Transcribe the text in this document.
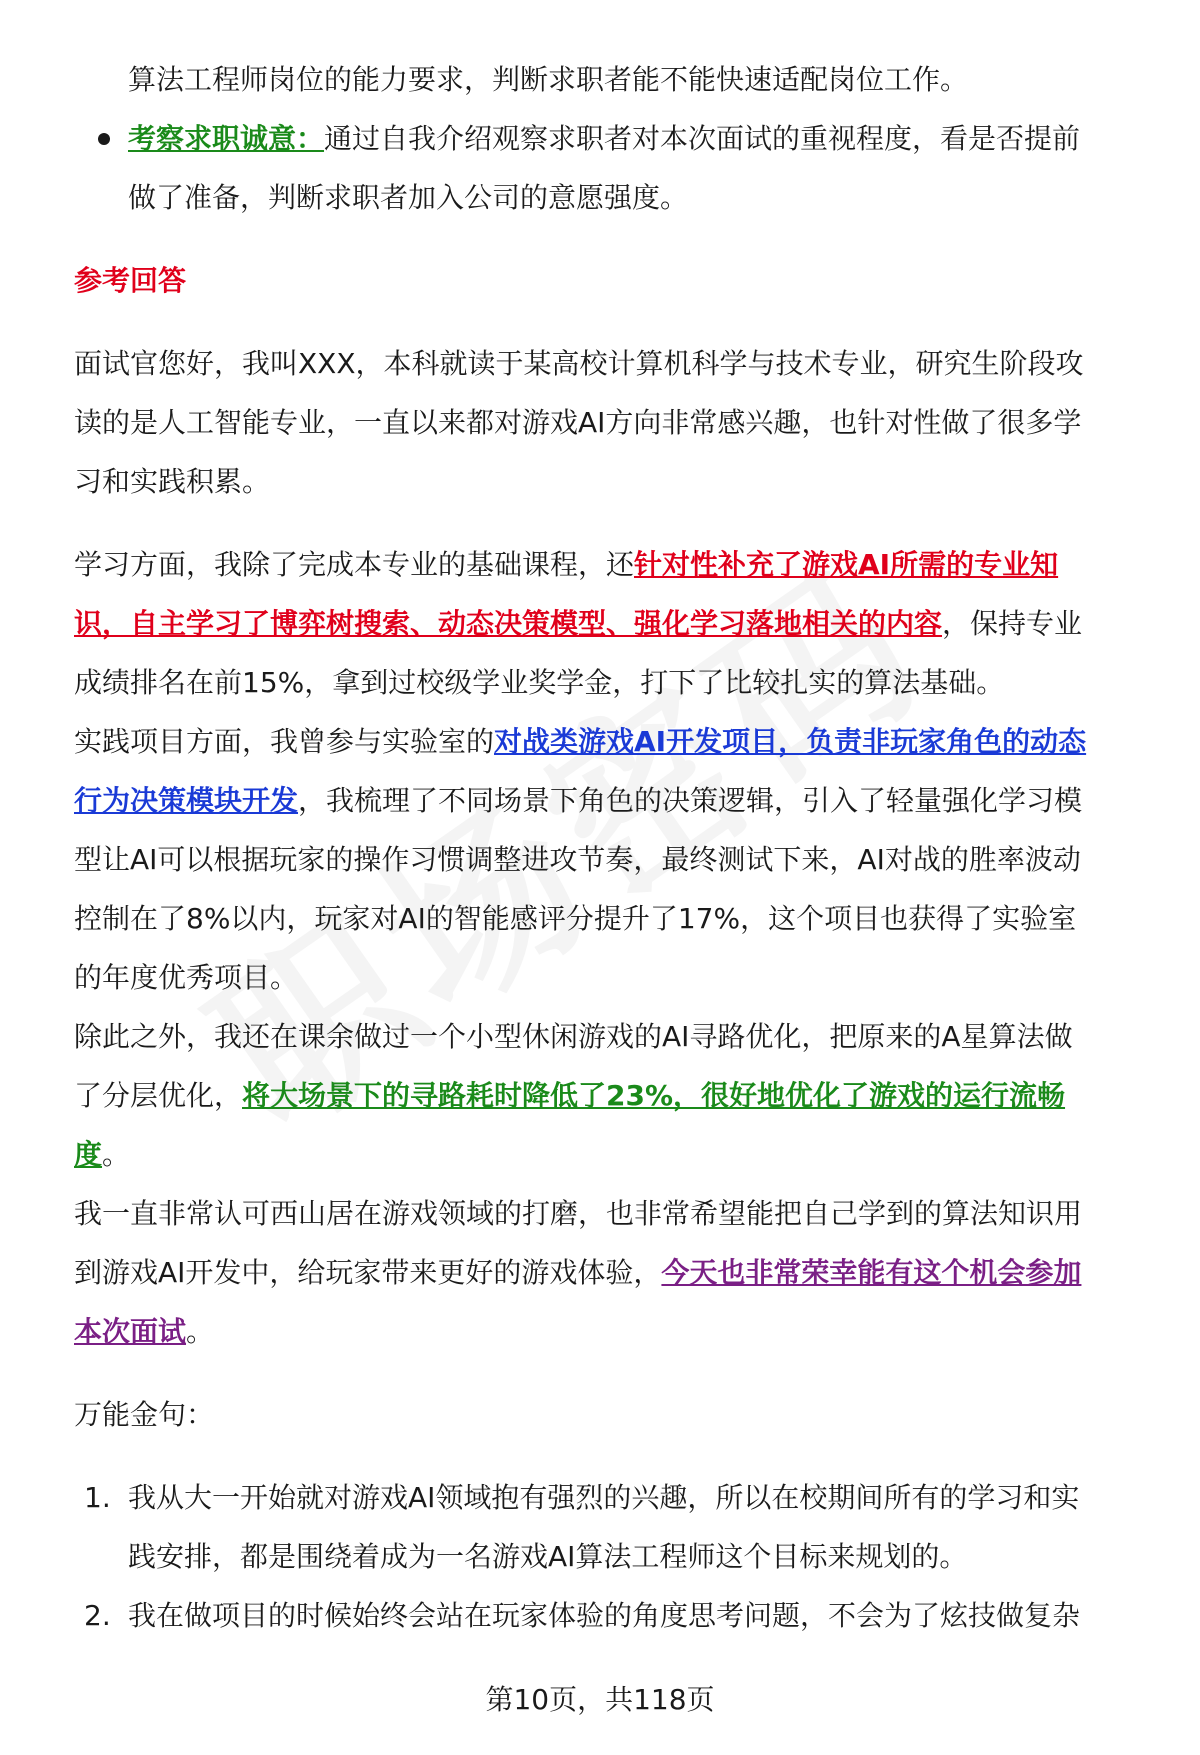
算法工程师岗位的能力要求，判断求职者能不能快速适配岗位工作。
考察求职诚意：通过自我介绍观察求职者对本次面试的重视程度，看是否提前
做了准备，判断求职者加入公司的意愿强度。
参考回答
面试官您好，我叫XXX，本科就读于某高校计算机科学与技术专业，研究生阶段攻
读的是人工智能专业，一直以来都对游戏AI方向非常感兴趣，也针对性做了很多学
习和实践积累。
学习方面，我除了完成本专业的基础课程，还针对性补充了游戏AI所需的专业知
识，自主学习了博弈树搜索、动态决策模型、强化学习落地相关的内容，保持专业
成绩排名在前15%，拿到过校级学业奖学金，打下了比较扎实的算法基础。
实践项目方面，我曾参与实验室的对战类游戏AI开发项目，负责非玩家角色的动态
行为决策模块开发，我梳理了不同场景下角色的决策逻辑，引入了轻量强化学习模
型让AI可以根据玩家的操作习惯调整进攻节奏，最终测试下来，AI对战的胜率波动
控制在了8%以内，玩家对AI的智能感评分提升了17%，这个项目也获得了实验室
的年度优秀项目。
除此之外，我还在课余做过一个小型休闲游戏的AI寻路优化，把原来的A星算法做
了分层优化，将大场景下的寻路耗时降低了23%，很好地优化了游戏的运行流畅
度。
我一直非常认可西山居在游戏领域的打磨，也非常希望能把自己学到的算法知识用
到游戏AI开发中，给玩家带来更好的游戏体验，今天也非常荣幸能有这个机会参加
本次面试。
万能金句：
1. 我从大一开始就对游戏AI领域抱有强烈的兴趣，所以在校期间所有的学习和实
践安排，都是围绕着成为一名游戏AI算法工程师这个目标来规划的。
2. 我在做项目的时候始终会站在玩家体验的角度思考问题，不会为了炫技做复杂
第10页，共118页
